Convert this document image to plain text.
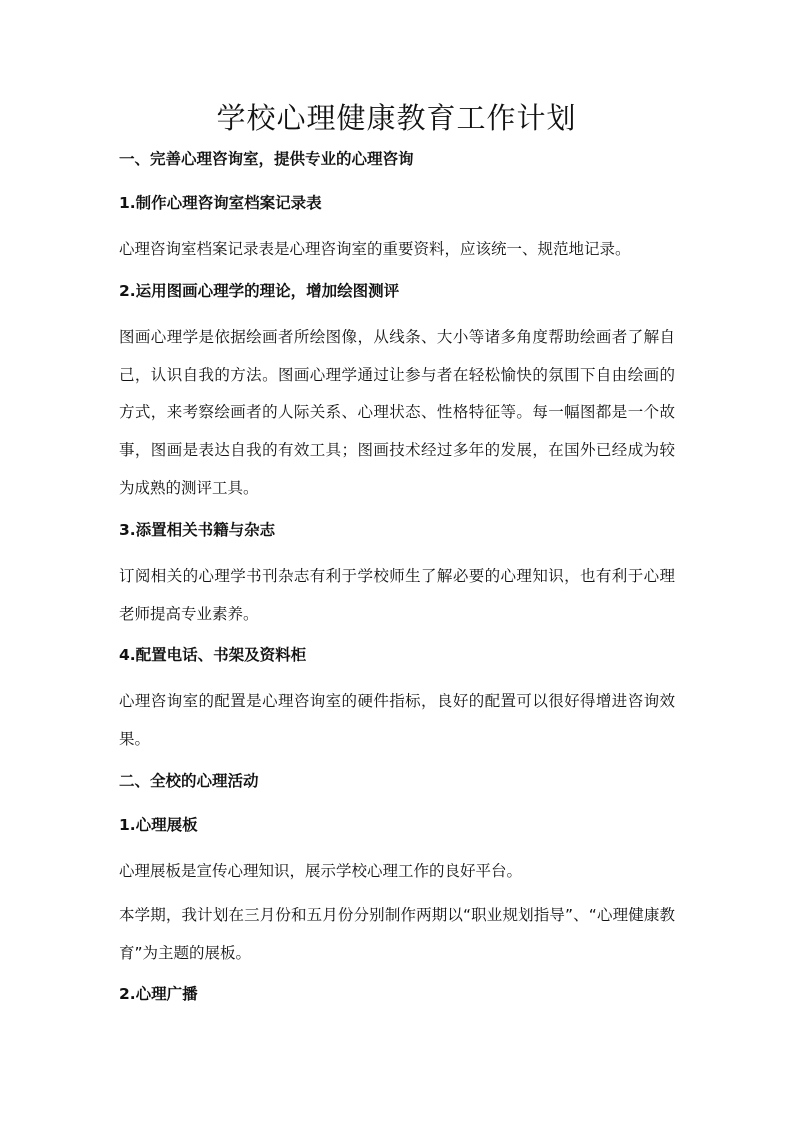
学校心理健康教育工作计划
一、完善心理咨询室，提供专业的心理咨询
1.制作心理咨询室档案记录表

心理咨询室档案记录表是心理咨询室的重要资料，应该统一、规范地记录。

2.运用图画心理学的理论，增加绘图测评

图画心理学是依据绘画者所绘图像，从线条、大小等诸多角度帮助绘画者了解自己，认识自我的方法。图画心理学通过让参与者在轻松愉快的氛围下自由绘画的方式，来考察绘画者的人际关系、心理状态、性格特征等。每一幅图都是一个故事，图画是表达自我的有效工具；图画技术经过多年的发展，在国外已经成为较为成熟的测评工具。

3.添置相关书籍与杂志

订阅相关的心理学书刊杂志有利于学校师生了解必要的心理知识，也有利于心理老师提高专业素养。

4.配置电话、书架及资料柜

心理咨询室的配置是心理咨询室的硬件指标，良好的配置可以很好得增进咨询效果。

二、全校的心理活动
1.心理展板

心理展板是宣传心理知识，展示学校心理工作的良好平台。

本学期，我计划在三月份和五月份分别制作两期以“职业规划指导”、“心理健康教育”为主题的展板。

2.心理广播
